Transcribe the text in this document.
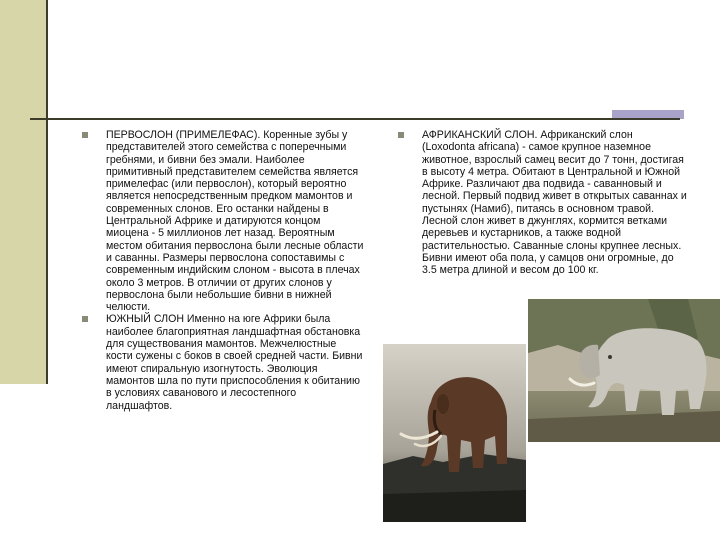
ПЕРВОСЛОН (ПРИМЕЛЕФАС). Коренные зубы у представителей этого семейства с поперечными гребнями, и бивни без эмали. Наиболее примитивный представителем семейства является примелефас (или первослон), который вероятно является непосредственным предком мамонтов и современных слонов. Его останки найдены в Центральной Африке и датируются концом миоцена - 5 миллионов лет назад. Вероятным местом обитания первослона были лесные области и саванны. Размеры первослона сопоставимы с современным индийским слоном - высота в плечах около 3 метров. В отличии от других слонов у первослона были небольшие бивни в нижней челюсти.
ЮЖНЫЙ СЛОН Именно на юге Африки была наиболее благоприятная ландшафтная обстановка для существования мамонтов. Межчелюстные кости сужены с боков в своей средней части. Бивни имеют спиральную изогнутость. Эволюция мамонтов шла по пути приспособления к обитанию в условиях саванового и лесостепного ландшафтов.
АФРИКАНСКИЙ СЛОН. Африканский слон (Loxodonta africana) - самое крупное наземное животное, взрослый самец весит до 7 тонн, достигая в высоту 4 метра. Обитают в Центральной и Южной Африке. Различают два подвида - саванновый и лесной. Первый подвид живет в открытых саваннах и пустынях (Намиб), питаясь в основном травой. Лесной слон живет в джунглях, кормится ветками деревьев и кустарников, а также водной растительностью. Саванные слоны крупнее лесных. Бивни имеют оба пола, у самцов они огромные, до 3.5 метра длиной и весом до 100 кг.
